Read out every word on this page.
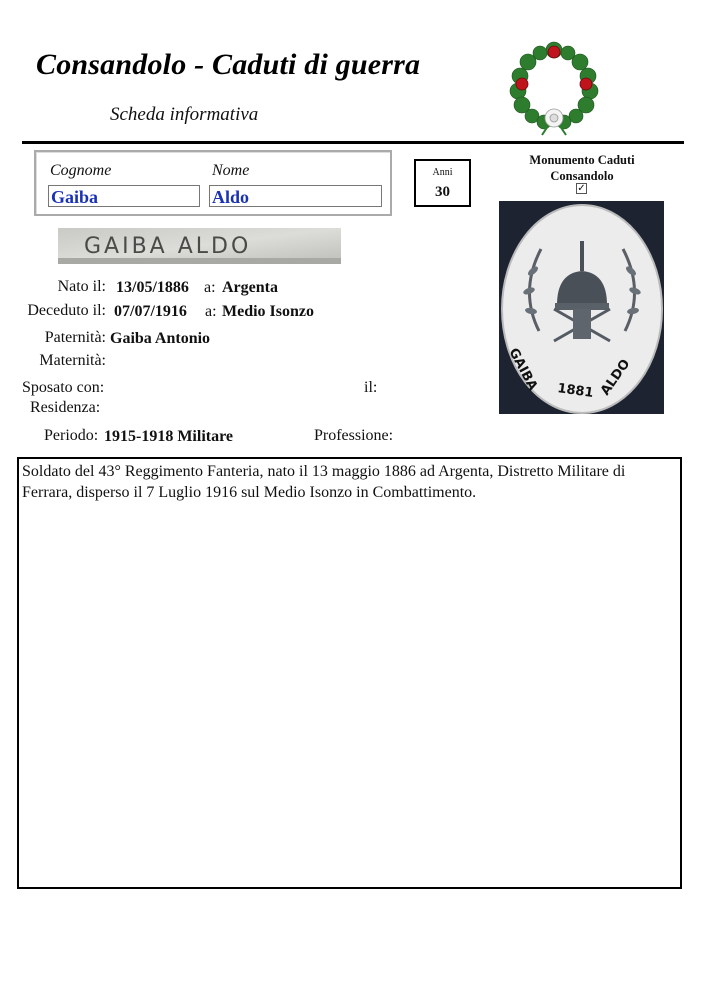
Consandolo - Caduti di guerra
Scheda informativa
Cognome	Nome
Gaiba	Aldo
Anni
30
Monumento Caduti Consandolo
✓
GAIBA ALDO
GAIBA 1881 ALDO
Nato il: 13/05/1886 a: Argenta
Deceduto il: 07/07/1916 a: Medio Isonzo
Paternità: Gaiba Antonio
Maternità:
Sposato con:	il:
Residenza:
Periodo: 1915-1918 Militare	Professione:
Soldato del 43° Reggimento Fanteria, nato il 13 maggio 1886 ad Argenta, Distretto Militare di Ferrara, disperso il 7 Luglio 1916 sul Medio Isonzo in Combattimento.
